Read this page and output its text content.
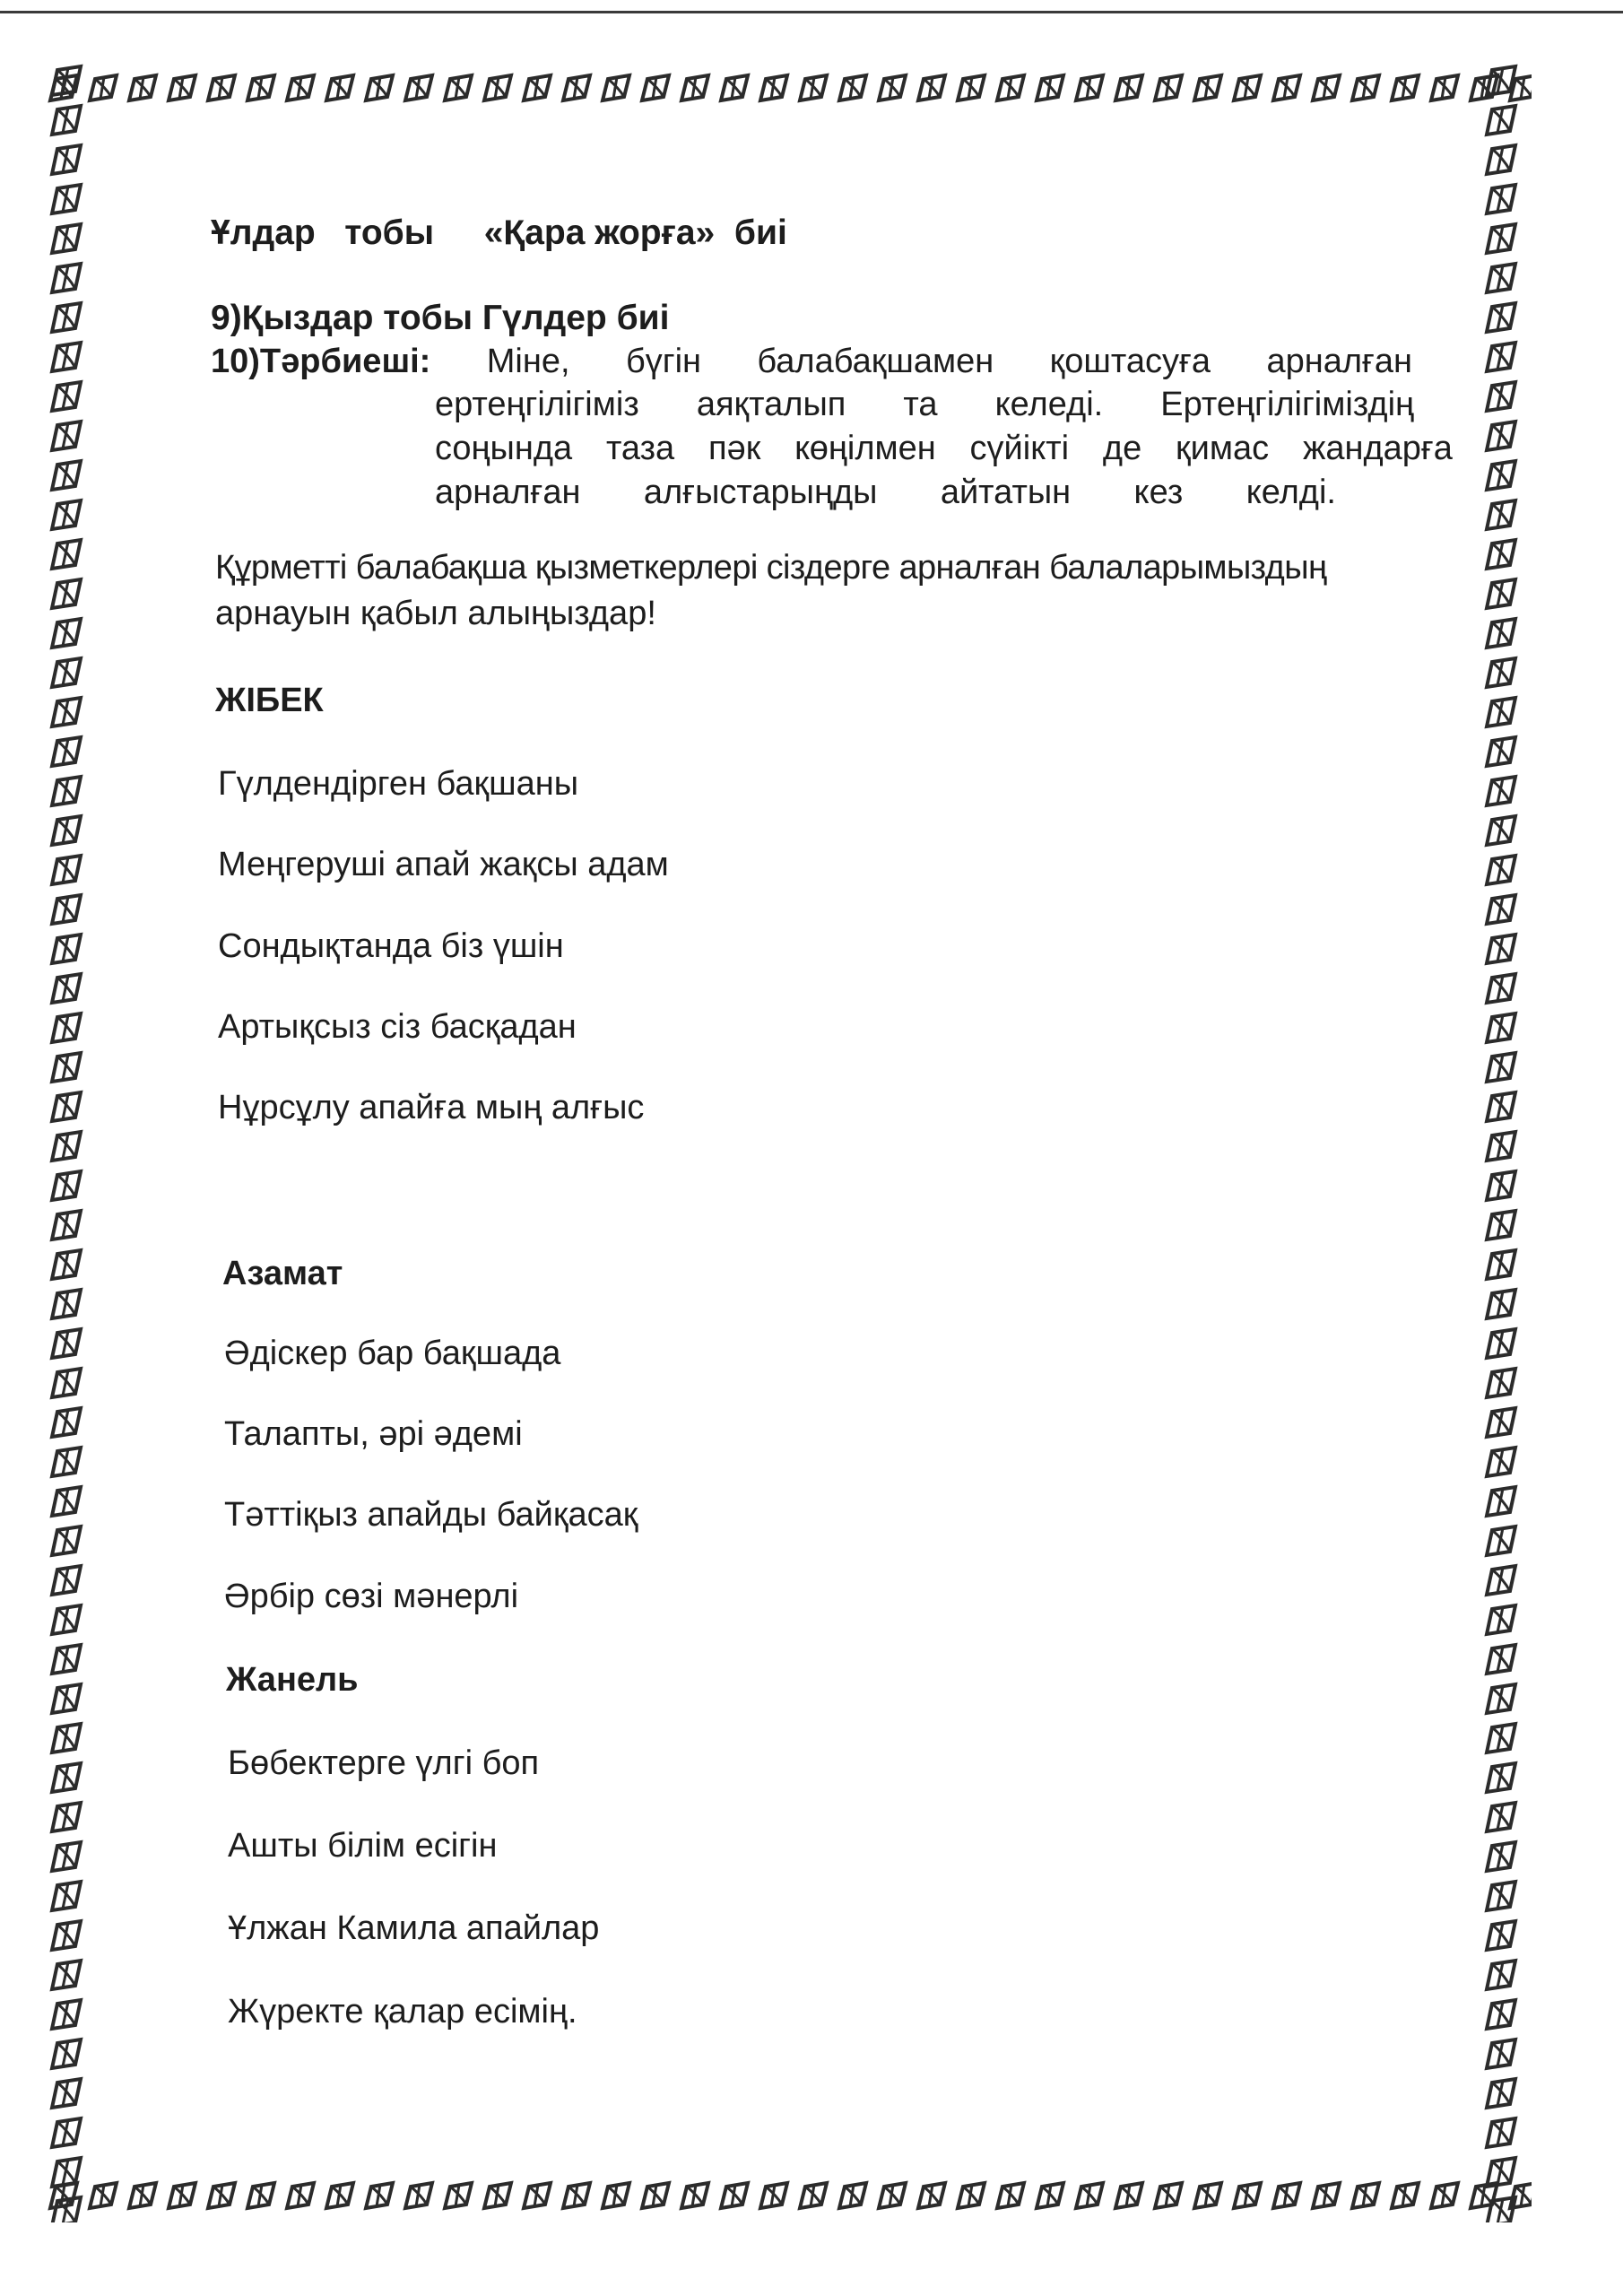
Ұлдар   тобы «Қара жорға»  биі
9)Қыздар тобы Гүлдер биі
10)Тәрбиеші: Міне, бүгін балабақшамен қоштасуға арналған
ертеңгілігіміз аяқталып та келеді. Ертеңгілігіміздің
соңында таза пәк көңілмен сүйікті де қимас жандарға
арналған алғыстарыңды айтатын кез келді.
Құрметті балабақша қызметкерлері сіздерге арналған балаларымыздың
арнауын қабыл алыңыздар!
ЖІБЕК
Гүлдендірген бақшаны
Меңгеруші апай жақсы адам
Сондықтанда біз үшін
Артықсыз сіз басқадан
Нұрсұлу апайға мың алғыс
Азамат
Әдіскер бар бақшада
Талапты, әрі әдемі
Тәттіқыз апайды байқасақ
Әрбір сөзі мәнерлі
Жанель
Бөбектерге үлгі боп
Ашты білім есігін
Ұлжан Камила апайлар
Жүректе қалар есімің.
